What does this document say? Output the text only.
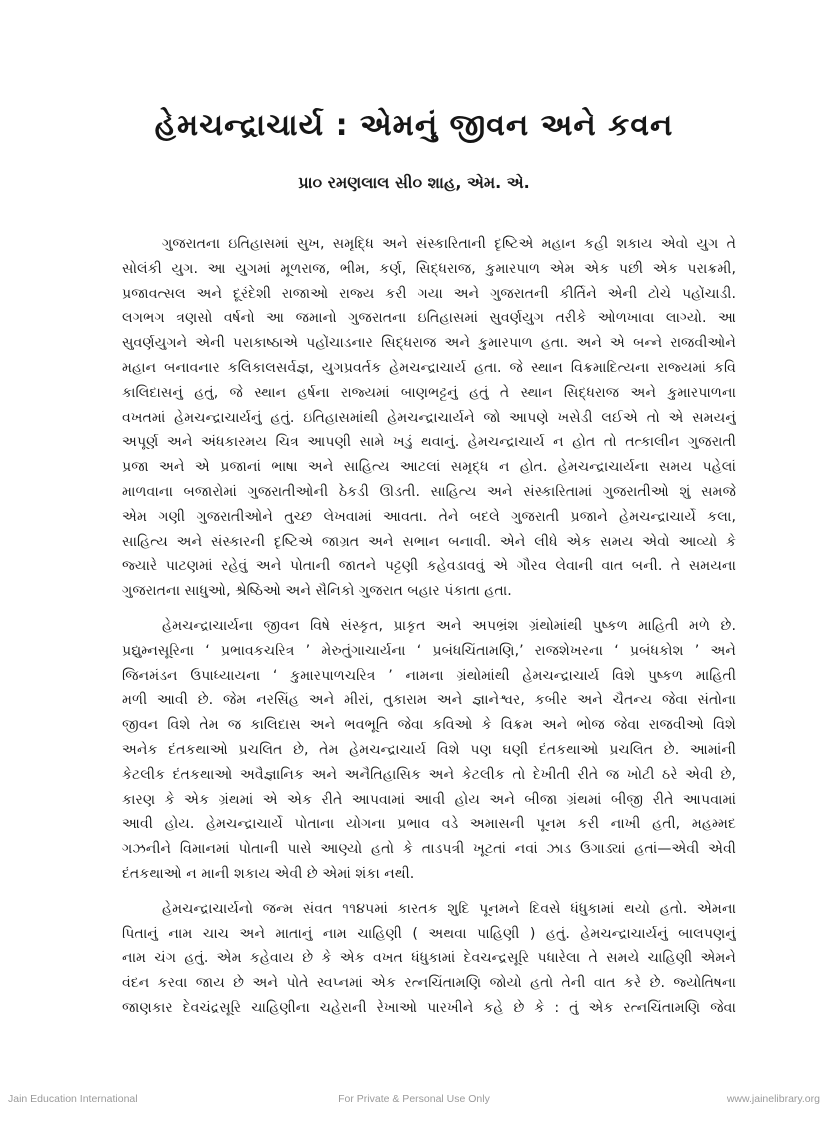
હેમચન્દ્રાચાર્ય : એમનું જીવન અને કવન
પ્રા૦ રમણલાલ સી૦ શાહ, એમ. એ.
ગુજરાતના ઇતિહાસમાં સુખ, સમૃદ્ધિ અને સંસ્કારિતાની દૃષ્ટિએ મહાન કહી શકાય એવો યુગ તે
સોલંકી યુગ. આ યુગમાં મૂળરાજ, ભીમ, કર્ણ, સિદ્ધરાજ, કુમારપાળ એમ એક પછી એક પરાક્રમી,
પ્રજાવત્સલ અને દૂરંદેશી રાજાઓ રાજ્ય કરી ગયા અને ગુજરાતની કીર્તિને એની ટોચે પહોંચાડી.
લગભગ ત્રણસો વર્ષનો આ જમાનો ગુજરાતના ઇતિહાસમાં સુવર્ણયુગ તરીકે ઓળખાવા લાગ્યો. આ
સુવર્ણયુગને એની પરાકાષ્ઠાએ પહોંચાડનાર સિદ્ધરાજ અને કુમારપાળ હતા. અને એ બન્ને રાજવીઓને
મહાન બનાવનાર કલિકાલસર્વજ્ઞ, યુગપ્રવર્તક હેમચન્દ્રાચાર્ય હતા. જે સ્થાન વિક્રમાદિત્યના રાજ્યમાં કવિ
કાલિદાસનું હતું, જે સ્થાન હર્ષના રાજ્યમાં બાણભટ્ટનું હતું તે સ્થાન સિદ્ધરાજ અને કુમારપાળના
વખતમાં હેમચન્દ્રાચાર્યનું હતું. ઇતિહાસમાંથી હેમચન્દ્રાચાર્યને જો આપણે ખસેડી લઈએ તો એ સમયનું
અપૂર્ણ અને અંધકારમય ચિત્ર આપણી સામે ખડું થવાનું. હેમચન્દ્રાચાર્ય ન હોત તો તત્કાલીન ગુજરાતી
પ્રજા અને એ પ્રજાનાં ભાષા અને સાહિત્ય આટલાં સમૃદ્ધ ન હોત. હેમચન્દ્રાચાર્યના સમય પહેલાં
માળવાના બજારોમાં ગુજરાતીઓની ઠેકડી ઊડતી. સાહિત્ય અને સંસ્કારિતામાં ગુજરાતીઓ શું સમજે
એમ ગણી ગુજરાતીઓને તુચ્છ લેખવામાં આવતા. તેને બદલે ગુજરાતી પ્રજાને હેમચન્દ્રાચાર્યે કલા,
સાહિત્ય અને સંસ્કારની દૃષ્ટિએ જાગ્રત અને સભાન બનાવી. એને લીધે એક સમય એવો આવ્યો કે
જ્યારે પાટણમાં રહેવું અને પોતાની જાતને પટ્ટણી કહેવડાવવું એ ગૌરવ લેવાની વાત બની. તે સમયના
ગુજરાતના સાધુઓ, શ્રેષ્ઠિઓ અને સૈનિકો ગુજરાત બહાર પંકાતા હતા.
હેમચન્દ્રાચાર્યના જીવન વિષે સંસ્કૃત, પ્રાકૃત અને અપભ્રંશ ગ્રંથોમાંથી પુષ્કળ માહિતી મળે છે.
પ્રદ્યુમ્નસૂરિના ‘ પ્રભાવકચરિત્ર ’ મેરુતુંગાચાર્યના ‘ પ્રબંધચિંતામણિ,’ રાજશેખરના ‘ પ્રબંધકોશ ’ અને
જિનમંડન ઉપાધ્યાયના ‘ કુમારપાળચરિત્ર ’ નામના ગ્રંથોમાંથી હેમચન્દ્રાચાર્ય વિશે પુષ્કળ માહિતી
મળી આવી છે. જેમ નરસિંહ અને મીરાં, તુકારામ અને જ્ઞાનેશ્વર, કબીર અને ચૈતન્ય જેવા સંતોના
જીવન વિશે તેમ જ કાલિદાસ અને ભવભૂતિ જેવા કવિઓ કે વિક્રમ અને ભોજ જેવા રાજવીઓ વિશે
અનેક દંતકથાઓ પ્રચલિત છે, તેમ હેમચન્દ્રાચાર્ય વિશે પણ ઘણી દંતકથાઓ પ્રચલિત છે. આમાંની
કેટલીક દંતકથાઓ અવૈજ્ઞાનિક અને અનૈતિહાસિક અને કેટલીક તો દેખીતી રીતે જ ખોટી ઠરે એવી છે,
કારણ કે એક ગ્રંથમાં એ એક રીતે આપવામાં આવી હોય અને બીજા ગ્રંથમાં બીજી રીતે આપવામાં
આવી હોય. હેમચન્દ્રાચાર્યે પોતાના યોગના પ્રભાવ વડે અમાસની પૂનમ કરી નાખી હતી, મહમ્મદ
ગઝનીને વિમાનમાં પોતાની પાસે આણ્યો હતો કે તાડપત્રી ખૂટતાં નવાં ઝાડ ઉગાડ્યાં હતાં—એવી એવી
દંતકથાઓ ન માની શકાય એવી છે એમાં શંકા નથી.
હેમચન્દ્રાચાર્યનો જન્મ સંવત ૧૧૪૫માં કારતક શુદિ પૂનમને દિવસે ધંધુકામાં થયો હતો. એમના
પિતાનું નામ ચાચ અને માતાનું નામ ચાહિણી ( અથવા પાહિણી ) હતું. હેમચન્દ્રાચાર્યનું બાલપણનું
નામ ચંગ હતું. એમ કહેવાય છે કે એક વખત ધંધુકામાં દેવચન્દ્રસૂરિ પધારેલા તે સમયે ચાહિણી એમને
વંદન કરવા જાય છે અને પોતે સ્વપ્નમાં એક રત્નચિંતામણિ જોયો હતો તેની વાત કરે છે. જ્યોતિષના
જાણકાર દેવચંદ્રસૂરિ ચાહિણીના ચહેરાની રેખાઓ પારખીને કહે છે કે : તું એક રત્નચિંતામણિ જેવા
Jain Education International	For Private & Personal Use Only	www.jainelibrary.org
